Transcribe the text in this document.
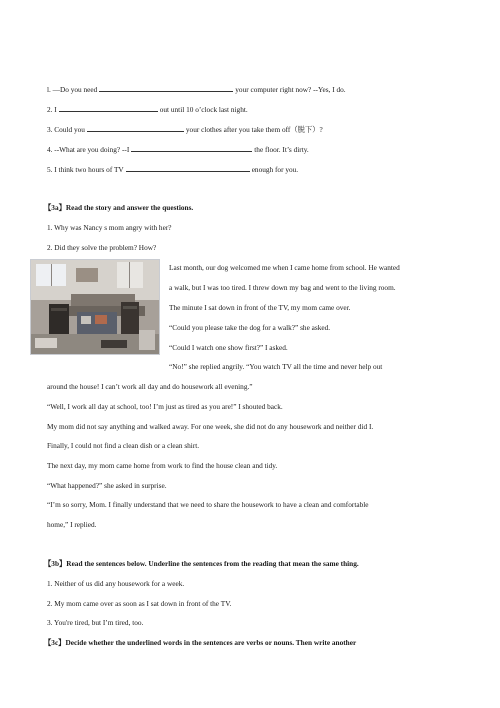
l. —Do you need	your computer right now? --Yes, I do.
2. I	out until 10 o’clock last night.
3. Could you	your clothes after you take them off（脱下）?
4. --What are you doing? --I	the floor. It’s dirty.
5. I think two hours of TV	enough for you.
【3a】Read the story and answer the questions.
1. Why was Nancy s mom angry with her?
2. Did they solve the problem? How?
Last month, our dog welcomed me when I came home from school. He wanted
a walk, but I was too tired. I threw down my bag and went to the living room.
The minute I sat down in front of the TV, my mom came over.
“Could you please take the dog for a walk?” she asked.
“Could I watch one show first?” I asked.
“No!” she replied angrily. “You watch TV all the time and never help out
around the house! I can’t work all day and do housework all evening.”
“Well, I work all day at school, too! I’m just as tired as you are!” I shouted back.
My mom did not say anything and walked away. For one week, she did not do any housework and neither did I.
Finally, I could not find a clean dish or a clean shirt.
The next day, my mom came home from work to find the house clean and tidy.
“What happened?” she asked in surprise.
“I’m so sorry, Mom. I finally understand that we need to share the housework to have a clean and comfortable
home,” I replied.
【3b】Read the sentences below. Underline the sentences from the reading that mean the same thing.
1. Neither of us did any housework for a week.
2. My mom came over as soon as I sat down in front of the TV.
3. You're tired, but I’m tired, too.
【3c】Decide whether the underlined words in the sentences are verbs or nouns. Then write another
